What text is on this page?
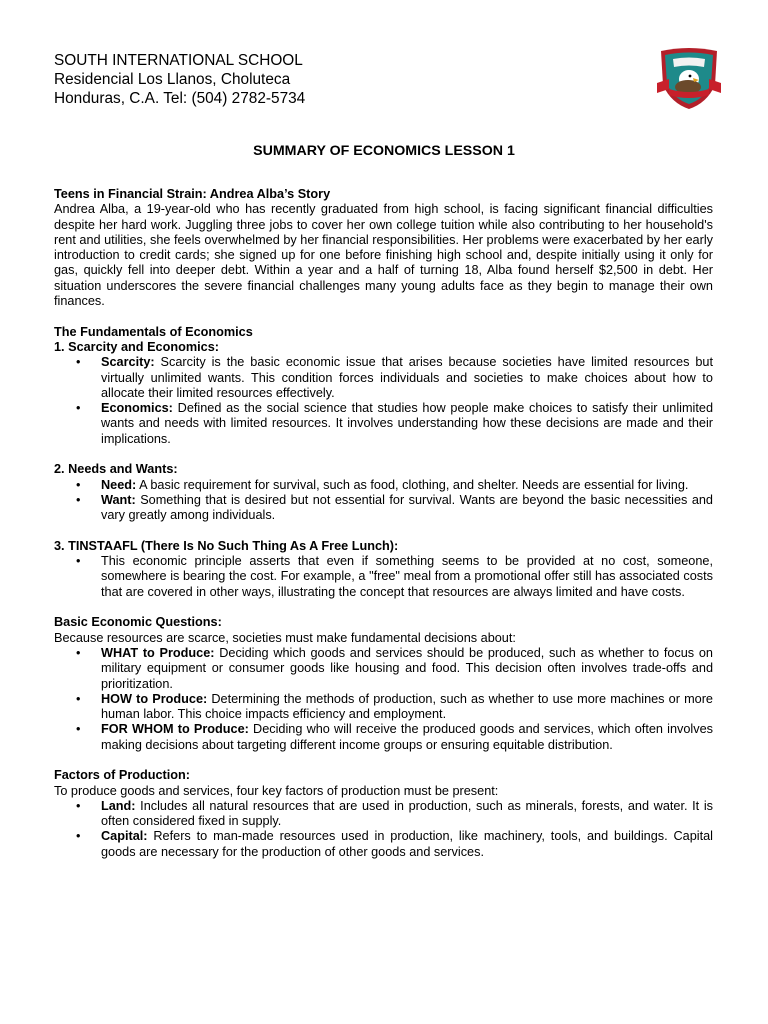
SOUTH INTERNATIONAL SCHOOL
Residencial Los Llanos, Choluteca
Honduras, C.A. Tel: (504) 2782-5734
SUMMARY OF ECONOMICS LESSON 1

Teens in Financial Strain: Andrea Alba’s Story

Andrea Alba, a 19-year-old who has recently graduated from high school, is facing significant financial difficulties despite her hard work. Juggling three jobs to cover her own college tuition while also contributing to her household's rent and utilities, she feels overwhelmed by her financial responsibilities. Her problems were exacerbated by her early introduction to credit cards; she signed up for one before finishing high school and, despite initially using it only for gas, quickly fell into deeper debt. Within a year and a half of turning 18, Alba found herself $2,500 in debt. Her situation underscores the severe financial challenges many young adults face as they begin to manage their own finances.

The Fundamentals of Economics

1. Scarcity and Economics:

• Scarcity: Scarcity is the basic economic issue that arises because societies have limited resources but virtually unlimited wants. This condition forces individuals and societies to make choices about how to allocate their limited resources effectively.
• Economics: Defined as the social science that studies how people make choices to satisfy their unlimited wants and needs with limited resources. It involves understanding how these decisions are made and their implications.

2. Needs and Wants:

• Need: A basic requirement for survival, such as food, clothing, and shelter. Needs are essential for living.
• Want: Something that is desired but not essential for survival. Wants are beyond the basic necessities and vary greatly among individuals.

3. TINSTAAFL (There Is No Such Thing As A Free Lunch):

• This economic principle asserts that even if something seems to be provided at no cost, someone, somewhere is bearing the cost. For example, a "free" meal from a promotional offer still has associated costs that are covered in other ways, illustrating the concept that resources are always limited and have costs.

Basic Economic Questions:

Because resources are scarce, societies must make fundamental decisions about:

• WHAT to Produce: Deciding which goods and services should be produced, such as whether to focus on military equipment or consumer goods like housing and food. This decision often involves trade-offs and prioritization.
• HOW to Produce: Determining the methods of production, such as whether to use more machines or more human labor. This choice impacts efficiency and employment.
• FOR WHOM to Produce: Deciding who will receive the produced goods and services, which often involves making decisions about targeting different income groups or ensuring equitable distribution.

Factors of Production:

To produce goods and services, four key factors of production must be present:

• Land: Includes all natural resources that are used in production, such as minerals, forests, and water. It is often considered fixed in supply.
• Capital: Refers to man-made resources used in production, like machinery, tools, and buildings. Capital goods are necessary for the production of other goods and services.
